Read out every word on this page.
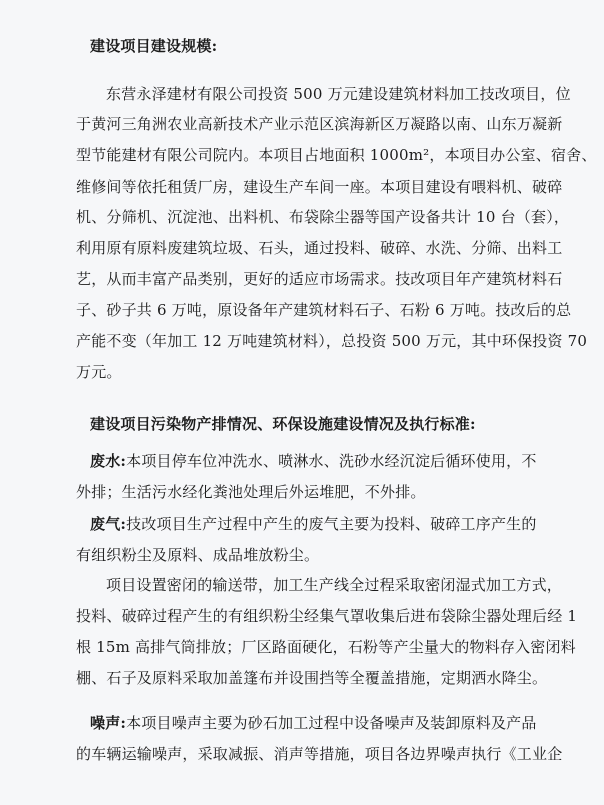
建设项目建设规模:
东营永泽建材有限公司投资 500 万元建设建筑材料加工技改项目，位
于黄河三角洲农业高新技术产业示范区滨海新区万凝路以南、山东万凝新
型节能建材有限公司院内。本项目占地面积 1000m²，本项目办公室、宿舍、
维修间等依托租赁厂房，建设生产车间一座。本项目建设有喂料机、破碎
机、分筛机、沉淀池、出料机、布袋除尘器等国产设备共计 10 台（套），
利用原有原料废建筑垃圾、石头，通过投料、破碎、水洗、分筛、出料工
艺，从而丰富产品类别，更好的适应市场需求。技改项目年产建筑材料石
子、砂子共 6 万吨，原设备年产建筑材料石子、石粉 6 万吨。技改后的总
产能不变（年加工 12 万吨建筑材料），总投资 500 万元，其中环保投资 70
万元。
建设项目污染物产排情况、环保设施建设情况及执行标准:
废水:本项目停车位冲洗水、喷淋水、洗砂水经沉淀后循环使用，不
外排；生活污水经化粪池处理后外运堆肥，不外排。
废气:技改项目生产过程中产生的废气主要为投料、破碎工序产生的
有组织粉尘及原料、成品堆放粉尘。
项目设置密闭的输送带，加工生产线全过程采取密闭湿式加工方式，
投料、破碎过程产生的有组织粉尘经集气罩收集后进布袋除尘器处理后经 1
根 15m 高排气筒排放；厂区路面硬化，石粉等产尘量大的物料存入密闭料
棚、石子及原料采取加盖篷布并设围挡等全覆盖措施，定期洒水降尘。
噪声:本项目噪声主要为砂石加工过程中设备噪声及装卸原料及产品
的车辆运输噪声，采取减振、消声等措施，项目各边界噪声执行《工业企
